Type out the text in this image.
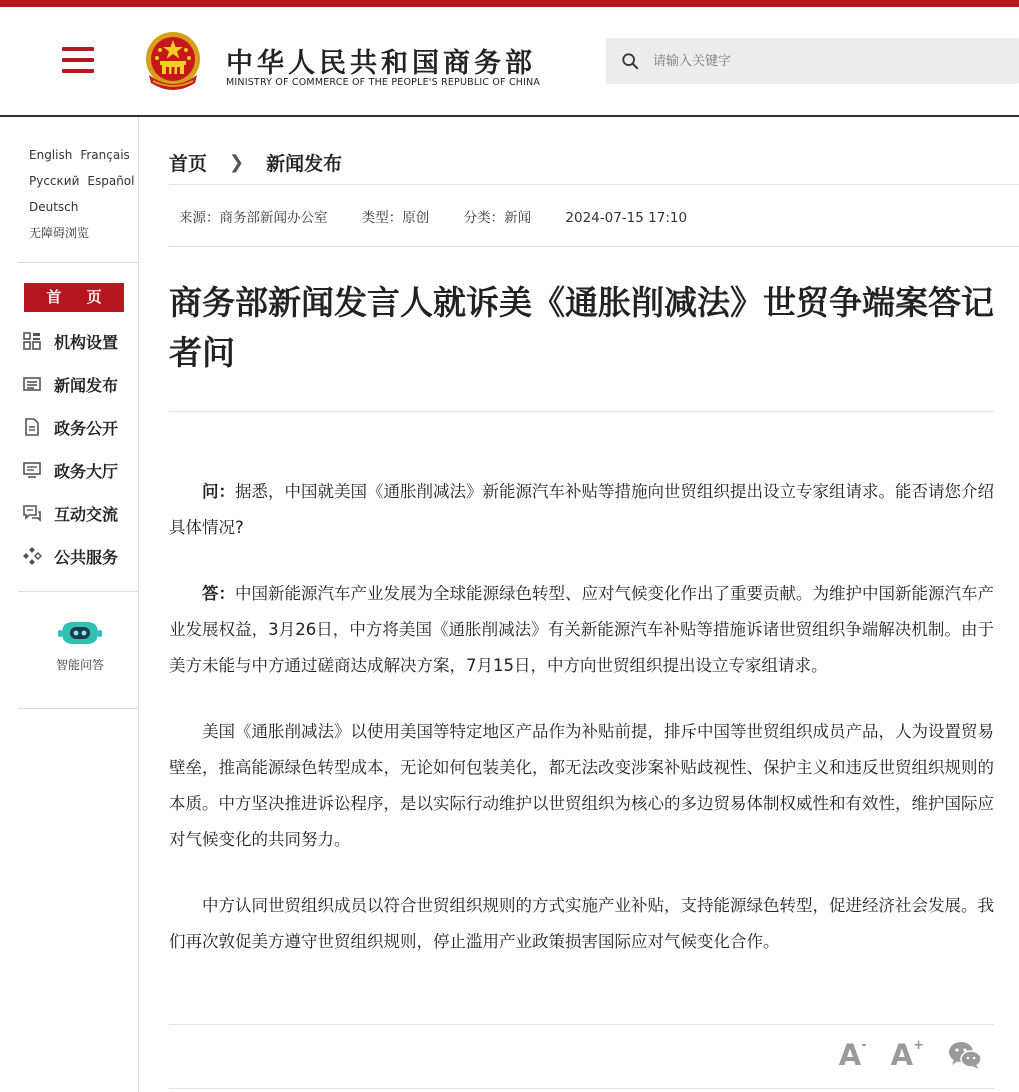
中华人民共和国商务部
MINISTRY OF COMMERCE OF THE PEOPLE'S REPUBLIC OF CHINA
请输入关键字
English Français
Русский Español
Deutsch
无障碍浏览
首 页
机构设置
新闻发布
政务公开
政务大厅
互动交流
公共服务
智能问答
首页 ❯ 新闻发布
来源：商务部新闻办公室	类型：原创	分类：新闻	2024-07-15 17:10
商务部新闻发言人就诉美《通胀削减法》世贸争端案答记者问

问：据悉，中国就美国《通胀削减法》新能源汽车补贴等措施向世贸组织提出设立专家组请求。能否请您介绍具体情况?

答：中国新能源汽车产业发展为全球能源绿色转型、应对气候变化作出了重要贡献。为维护中国新能源汽车产业发展权益，3月26日，中方将美国《通胀削减法》有关新能源汽车补贴等措施诉诸世贸组织争端解决机制。由于美方未能与中方通过磋商达成解决方案，7月15日，中方向世贸组织提出设立专家组请求。

美国《通胀削减法》以使用美国等特定地区产品作为补贴前提，排斥中国等世贸组织成员产品，人为设置贸易壁垒，推高能源绿色转型成本，无论如何包装美化，都无法改变涉案补贴歧视性、保护主义和违反世贸组织规则的本质。中方坚决推进诉讼程序，是以实际行动维护以世贸组织为核心的多边贸易体制权威性和有效性，维护国际应对气候变化的共同努力。

中方认同世贸组织成员以符合世贸组织规则的方式实施产业补贴，支持能源绿色转型，促进经济社会发展。我们再次敦促美方遵守世贸组织规则，停止滥用产业政策损害国际应对气候变化合作。

A - A +
